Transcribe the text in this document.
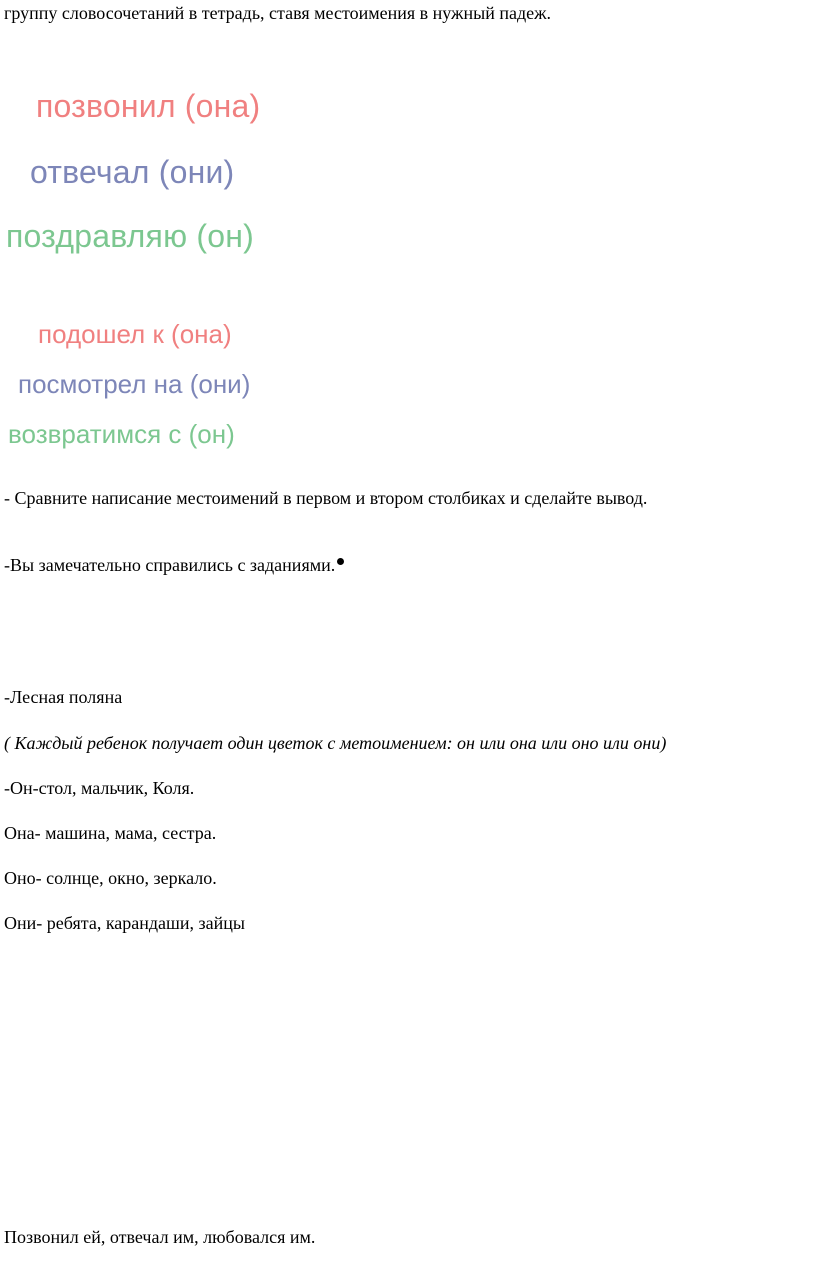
группу словосочетаний в тетрадь, ставя местоимения в нужный падеж.
позвонил (она)
отвечал (они)
поздравляю (он)
подошел к (она)
посмотрел на (они)
возвратимся с (он)
- Сравните написание местоимений в первом и втором столбиках и сделайте вывод.
-Вы замечательно справились с заданиями.
-Лесная поляна
( Каждый ребенок получает один цветок с метоимением: он или она или оно или они)
-Он-стол, мальчик, Коля.
Она- машина, мама, сестра.
Оно- солнце, окно, зеркало.
Они- ребята, карандаши, зайцы
Позвонил ей, отвечал им, любовался им.
